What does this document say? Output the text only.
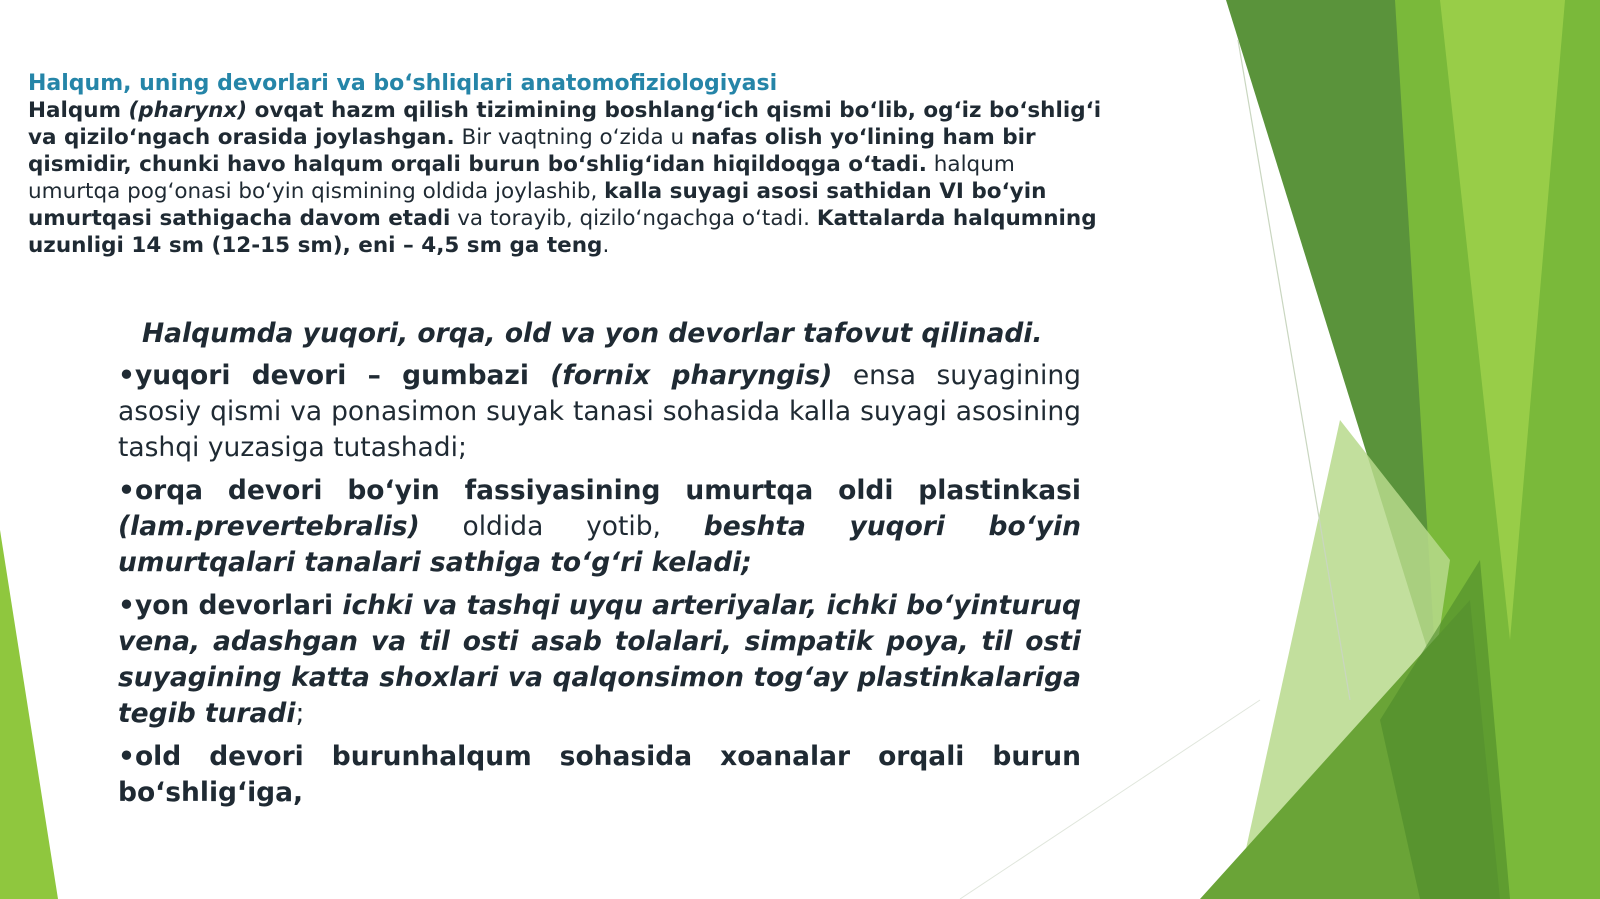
Halqum, uning devorlari va bo‘shliqlari anatomofiziologiyasi

Halqum (pharynx) ovqat hazm qilish tizimining boshlang‘ich qismi bo‘lib, og‘iz bo‘shlig‘i va qizilo‘ngach orasida joylashgan. Bir vaqtning o‘zida u nafas olish yo‘lining ham bir qismidir, chunki havo halqum orqali burun bo‘shlig‘idan hiqildoqga o‘tadi. halqum umurtqa pog‘onasi bo‘yin qismining oldida joylashib, kalla suyagi asosi sathidan VI bo‘yin umurtqasi sathigacha davom etadi va torayib, qizilo‘ngachga o‘tadi. Kattalarda halqumning uzunligi 14 sm (12-15 sm), eni – 4,5 sm ga teng.

Halqumda yuqori, orqa, old va yon devorlar tafovut qilinadi.

•yuqori devori – gumbazi (fornix pharyngis) ensa suyagining asosiy qismi va ponasimon suyak tanasi sohasida kalla suyagi asosining tashqi yuzasiga tutashadi;

•orqa devori bo‘yin fassiyasining umurtqa oldi plastinkasi (lam.prevertebralis) oldida yotib, beshta yuqori bo‘yin umurtqalari tanalari sathiga to‘g‘ri keladi;

•yon devorlari ichki va tashqi uyqu arteriyalar, ichki bo‘yinturuq vena, adashgan va til osti asab tolalari, simpatik poya, til osti suyagining katta shoxlari va qalqonsimon tog‘ay plastinkalariga tegib turadi;

•old devori burunhalqum sohasida xoanalar orqali burun bo‘shlig‘iga,
